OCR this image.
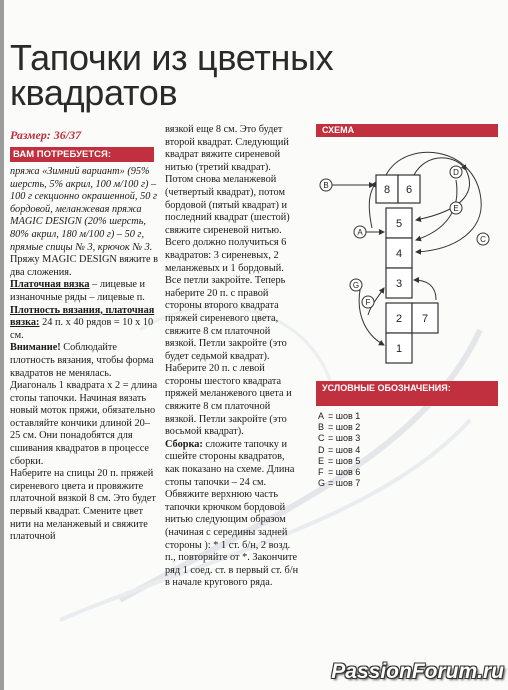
Тапочки из цветных квадратов
Размер: 36/37
ВАМ ПОТРЕБУЕТСЯ:

пряжа «Зимний вариант» (95% шерсть, 5% акрил, 100 м/100 г) – 100 г секционно окрашенной, 50 г бордовой, меланжевая пряжа MAGIC DESIGN (20% шерсть, 80% акрил, 180 м/100 г) – 50 г, прямые спицы № 3, крючок № 3.

Пряжу MAGIC DESIGN вяжите в два сложения.

Платочная вязка – лицевые и изнаночные ряды – лицевые п.

Плотность вязания, платочная вязка: 24 п. х 40 рядов = 10 х 10 см.

Внимание! Соблюдайте плотность вязания, чтобы форма квадратов не менялась. Диагональ 1 квадрата х 2 = длина стопы тапочки. Начиная вязать новый моток пряжи, обязательно оставляйте кончики длиной 20–25 см. Они понадобятся для сшивания квадратов в процессе сборки.

Наберите на спицы 20 п. пряжей сиреневого цвета и провяжите платочной вязкой 8 см. Это будет первый квадрат. Смените цвет нити на меланжевый и свяжите платочной

вязкой еще 8 см. Это будет второй квадрат. Следующий квадрат вяжите сиреневой нитью (третий квадрат). Потом снова меланжевой (четвертый квадрат), потом бордовой (пятый квадрат) и последний квадрат (шестой) свяжите сиреневой нитью. Всего должно получиться 6 квадратов: 3 сиреневых, 2 меланжевых и 1 бордовый. Все петли закройте. Теперь наберите 20 п. с правой стороны второго квадрата пряжей сиреневого цвета, свяжите 8 см платочной вязкой. Петли закройте (это будет седьмой квадрат). Наберите 20 п. с левой стороны шестого квадрата пряжей меланжевого цвета и свяжите 8 см платочной вязкой. Петли закройте (это восьмой квадрат).

Сборка: сложите тапочку и сшейте стороны квадратов, как показано на схеме. Длина стопы тапочки – 24 см. Обвяжите верхнюю часть тапочки крючком бордовой нитью следующим образом (начиная с середины задней стороны ): * 1 ст. б/н, 2 возд. п., повторяйте от *. Закончите ряд 1 соед. ст. в первый ст. б/н в начале кругового ряда.

СХЕМА
8 6
5
4
3
2 7
1
A
B
C
D
E
F
G
УСЛОВНЫЕ ОБОЗНАЧЕНИЯ:
A = шов 1
B = шов 2
C = шов 3
D = шов 4
E = шов 5
F = шов 6
G = шов 7
PassionForum.ru
